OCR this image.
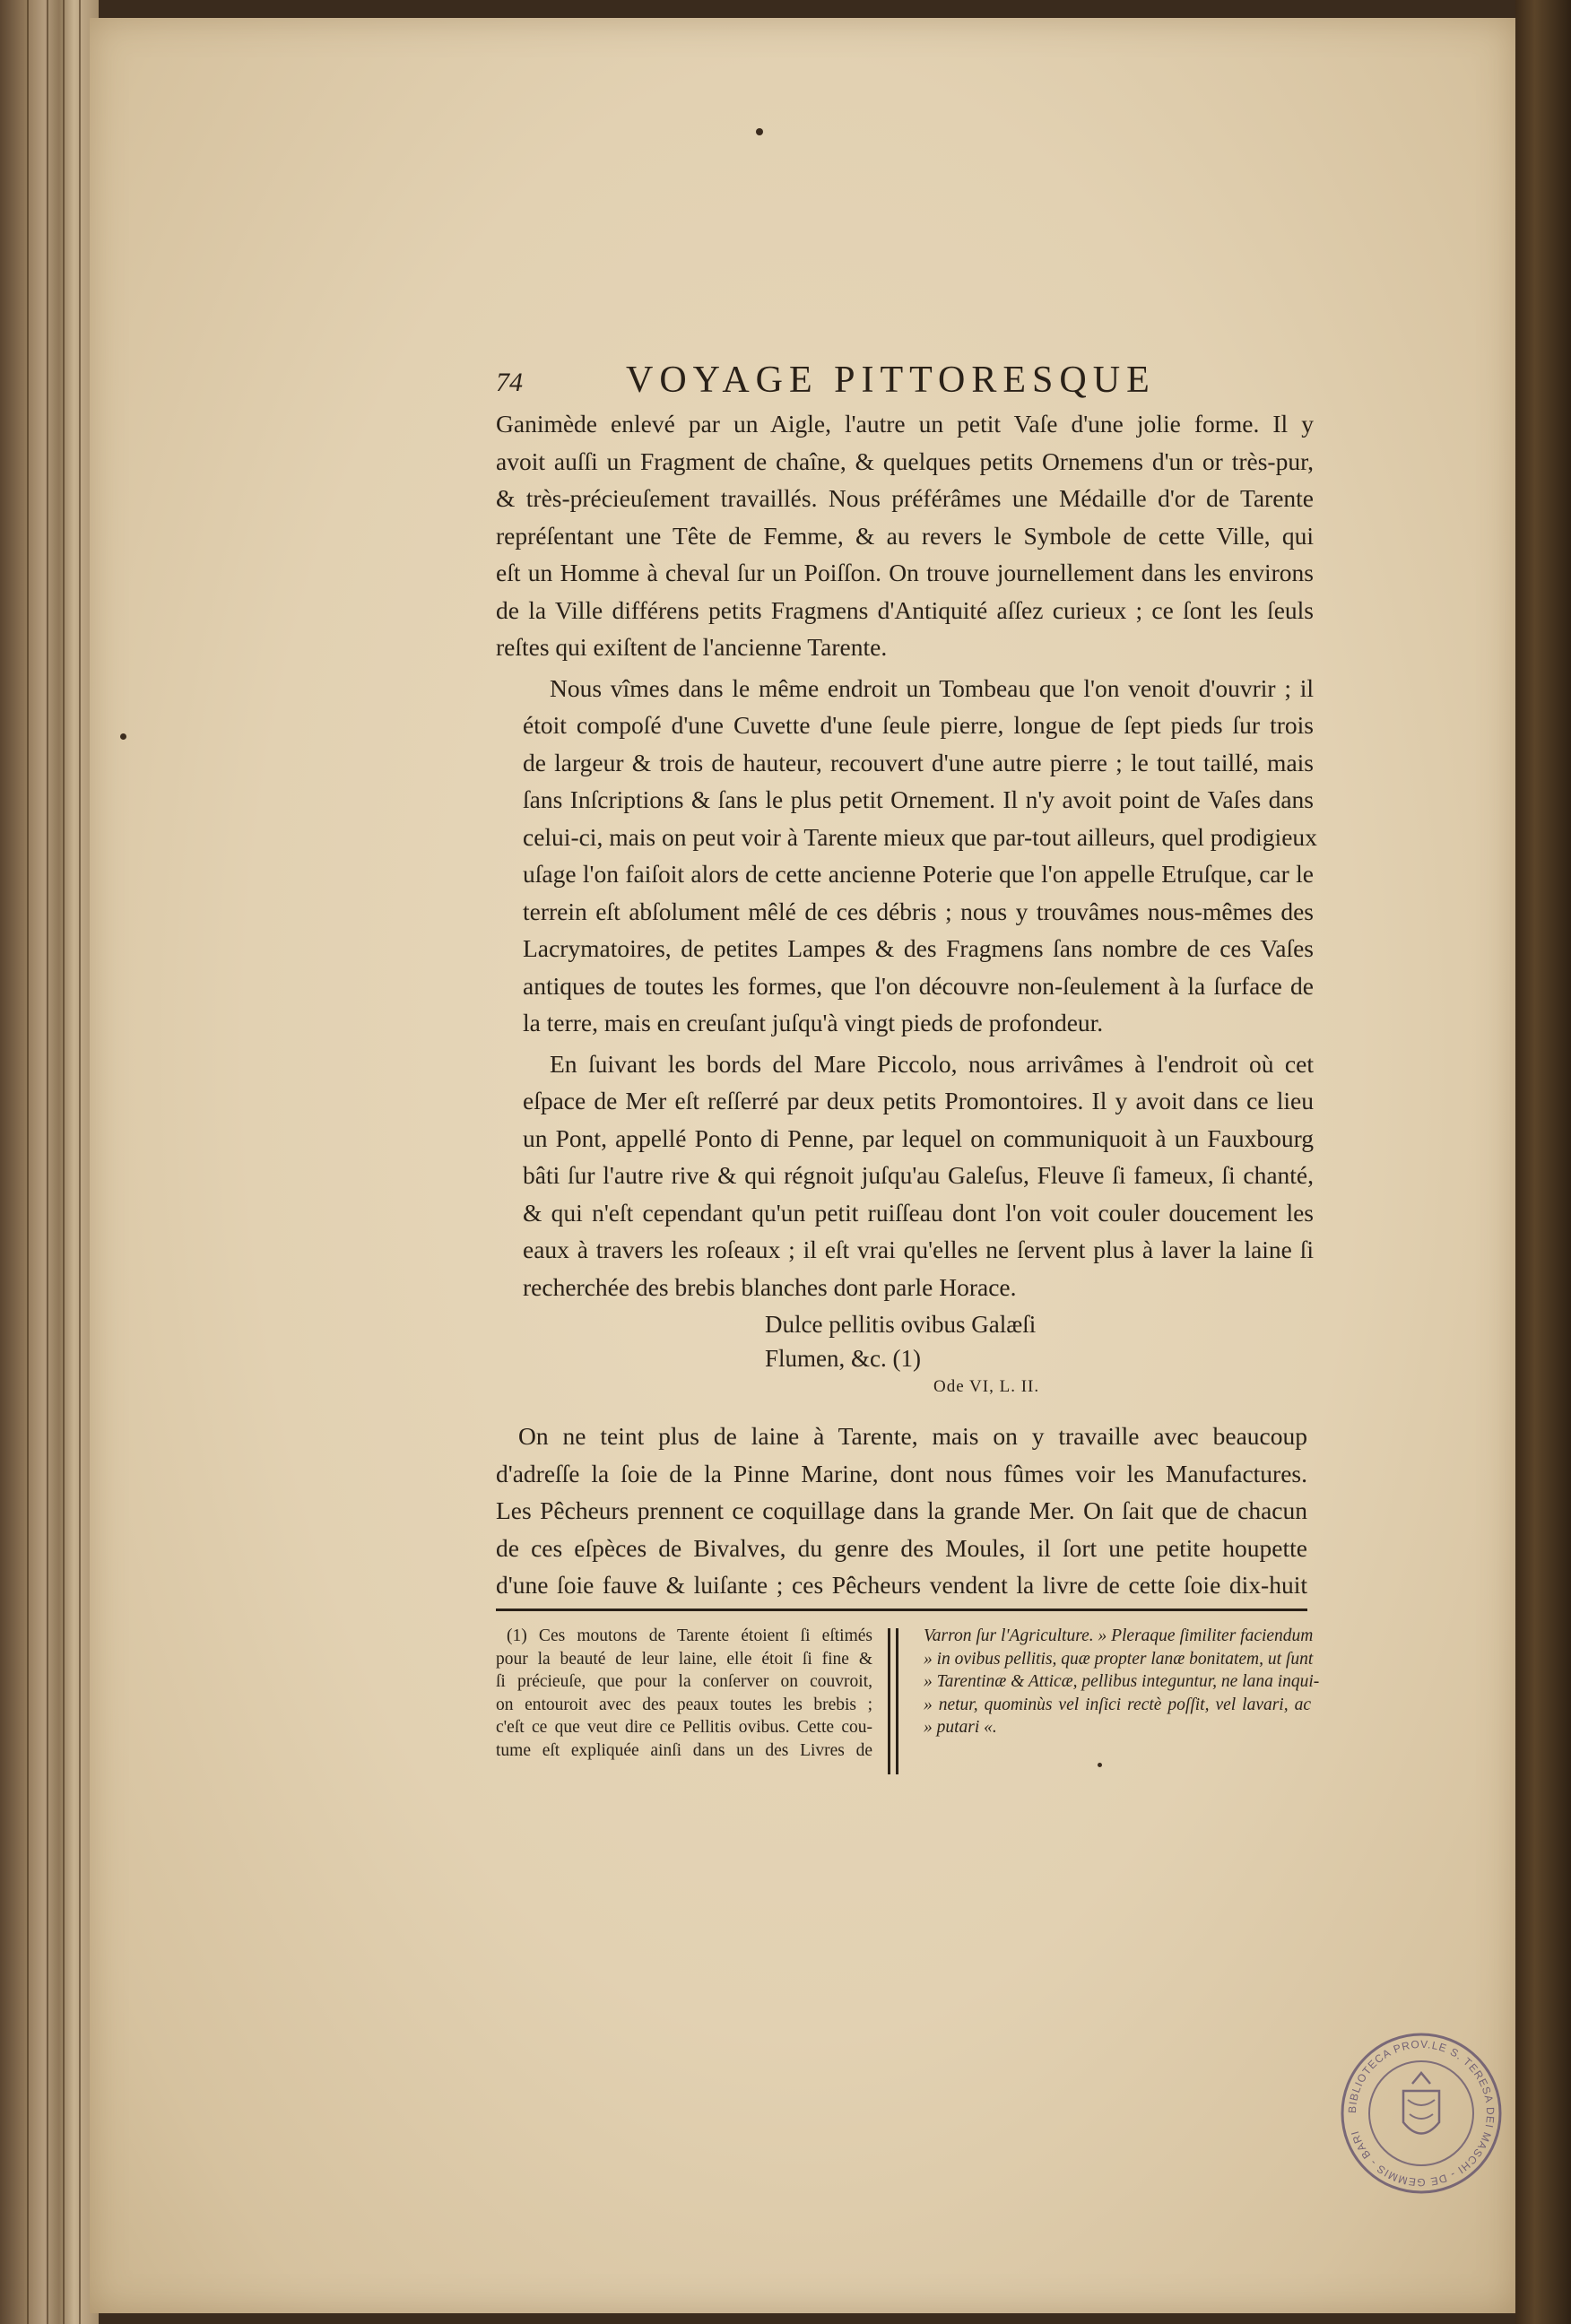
74	VOYAGE PITTORESQUE

Ganimède enlevé par un Aigle, l'autre un petit Vaſe d'une jolie forme. Il y
avoit auſſi un Fragment de chaîne, & quelques petits Ornemens d'un or très-pur,
& très-précieuſement travaillés. Nous préférâmes une Médaille d'or de Tarente
repréſentant une Tête de Femme, & au revers le Symbole de cette Ville, qui
eſt un Homme à cheval ſur un Poiſſon. On trouve journellement dans les environs
de la Ville différens petits Fragmens d'Antiquité aſſez curieux ; ce ſont les ſeuls
reſtes qui exiſtent de l'ancienne Tarente.

Nous vîmes dans le même endroit un Tombeau que l'on venoit d'ouvrir ; il
étoit compoſé d'une Cuvette d'une ſeule pierre, longue de ſept pieds ſur trois
de largeur & trois de hauteur, recouvert d'une autre pierre ; le tout taillé, mais
ſans Inſcriptions & ſans le plus petit Ornement. Il n'y avoit point de Vaſes dans
celui-ci, mais on peut voir à Tarente mieux que par-tout ailleurs, quel prodigieux
uſage l'on faiſoit alors de cette ancienne Poterie que l'on appelle Etruſque, car le
terrein eſt abſolument mêlé de ces débris ; nous y trouvâmes nous-mêmes des
Lacrymatoires, de petites Lampes & des Fragmens ſans nombre de ces Vaſes
antiques de toutes les formes, que l'on découvre non-ſeulement à la ſurface de
la terre, mais en creuſant juſqu'à vingt pieds de profondeur.

En ſuivant les bords del Mare Piccolo, nous arrivâmes à l'endroit où cet
eſpace de Mer eſt reſſerré par deux petits Promontoires. Il y avoit dans ce lieu
un Pont, appellé Ponto di Penne, par lequel on communiquoit à un Fauxbourg
bâti ſur l'autre rive & qui régnoit juſqu'au Galeſus, Fleuve ſi fameux, ſi chanté,
& qui n'eſt cependant qu'un petit ruiſſeau dont l'on voit couler doucement les
eaux à travers les roſeaux ; il eſt vrai qu'elles ne ſervent plus à laver la laine ſi
recherchée des brebis blanches dont parle Horace.

Dulce pellitis ovibus Galæſi
Flumen, &c. (1)
Ode VI, L. II.

On ne teint plus de laine à Tarente, mais on y travaille avec beaucoup
d'adreſſe la ſoie de la Pinne Marine, dont nous fûmes voir les Manufactures.
Les Pêcheurs prennent ce coquillage dans la grande Mer. On ſait que de chacun
de ces eſpèces de Bivalves, du genre des Moules, il ſort une petite houpette
d'une ſoie fauve & luiſante ; ces Pêcheurs vendent la livre de cette ſoie dix-huit

(1) Ces moutons de Tarente étoient ſi eſtimés
pour la beauté de leur laine, elle étoit ſi fine &
ſi précieuſe, que pour la conſerver on couvroit,
on entouroit avec des peaux toutes les brebis ;
c'eſt ce que veut dire ce Pellitis ovibus. Cette cou-
tume eſt expliquée ainſi dans un des Livres de
Varron ſur l'Agriculture. » Pleraque ſimiliter faciendum
» in ovibus pellitis, quæ propter lanæ bonitatem, ut ſunt
» Tarentinæ & Atticæ, pellibus integuntur, ne lana inqui-
» netur, quominùs vel inſici rectè poſſit, vel lavari, ac
» putari «.
BIBLIOTECA PROV.LE S. TERESA DEI MASCHI - DE GEMMIS - BARI
